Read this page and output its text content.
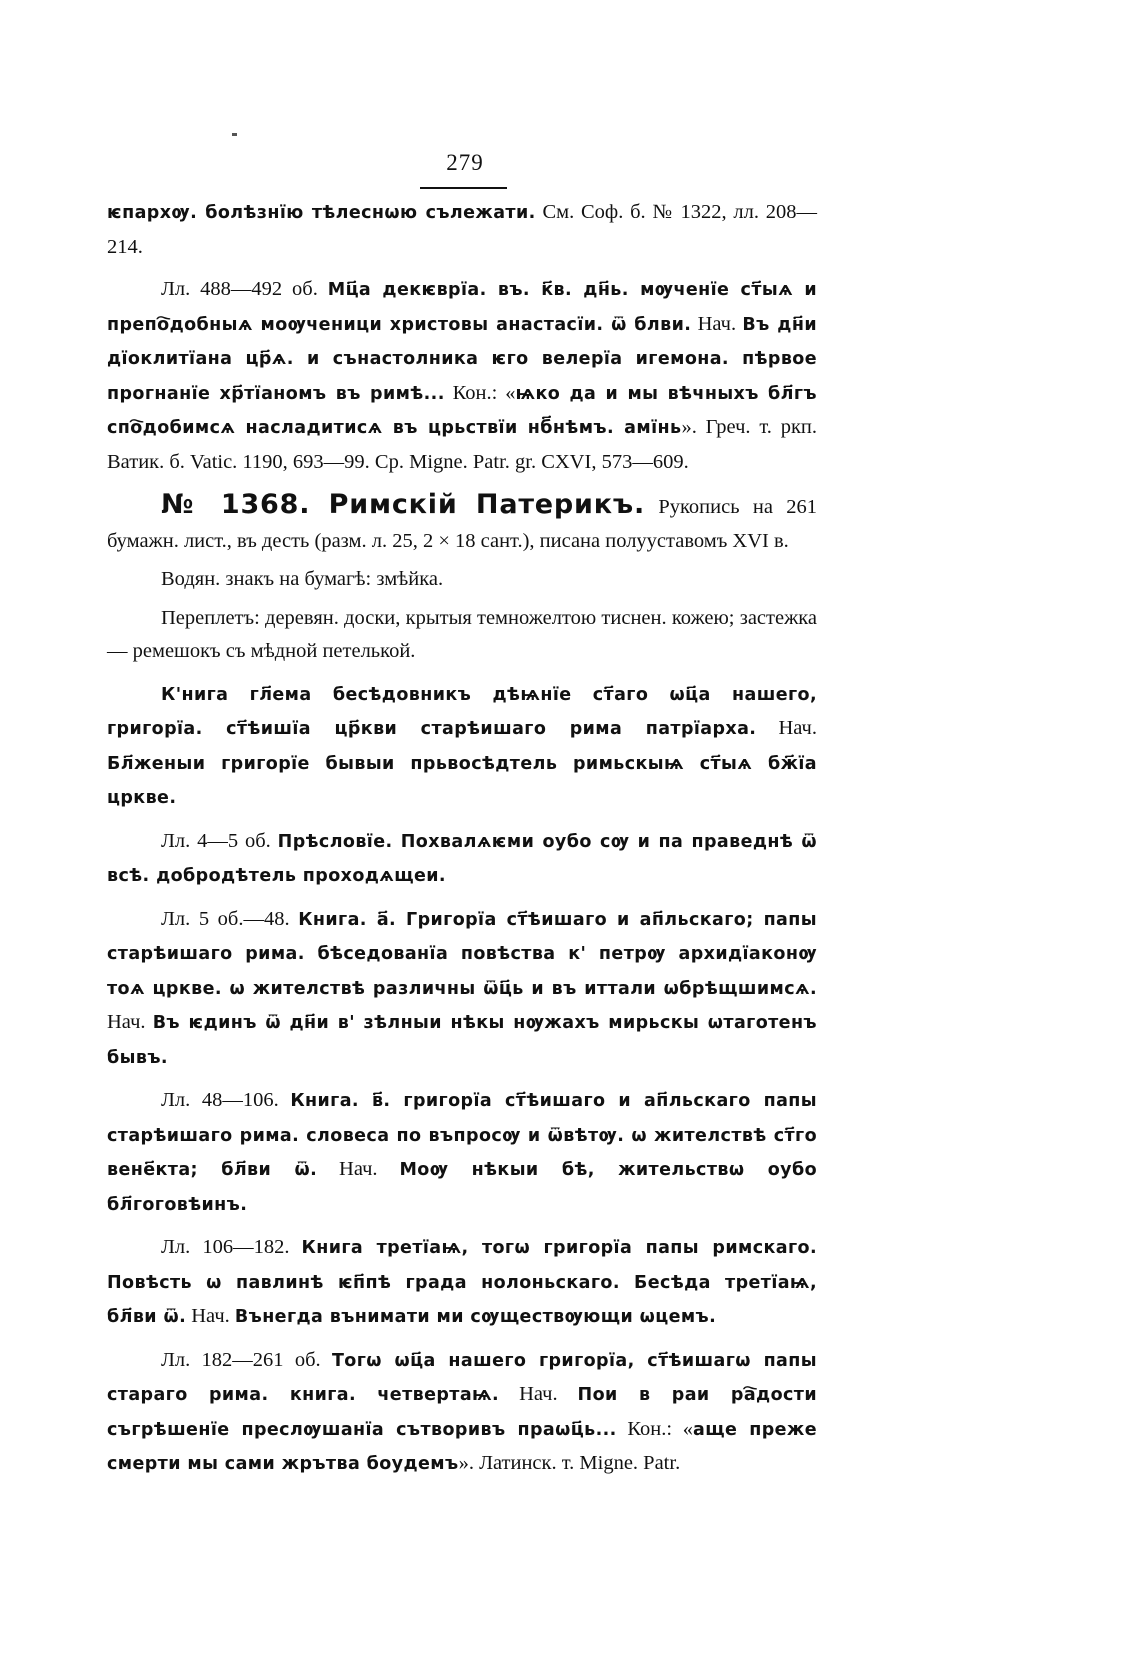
279

ѥпархѹ. болѣзнїю тѣлеснѡю сълежати. См. Соф. б. № 1322, лл. 208—214.

Лл. 488—492 об. Мц҃а декѥврїа. въ. к҃в. дн҃ь. мѹченїе ст҃ыѧ и препо҇добныѧ моѹченици христовы анастасїи. ѿ блви. Нач. Въ дн҃и дїоклитїана цр҃ѧ. и сънастолника ѥго велерїа игемона. пѣрвое прогнанїе хр҃тїаномъ въ римѣ... Кон.: «ѩко да и мы вѣчныхъ бл҃гъ спо҇добимсѧ насладитисѧ въ црьствїи нб҃нѣмъ. амїнь». Греч. т. ркп. Ватик. б. Vatic. 1190, 693—99. Ср. Migne. Patr. gr. CXVI, 573—609.

№ 1368. Римскій Патерикъ. Рукопись на 261 бумажн. лист., въ десть (разм. л. 25, 2 × 18 сант.), писана полууставомъ XVI в.

Водян. знакъ на бумагѣ: змѣйка.

Переплетъ: деревян. доски, крытыя темножелтою тиснен. кожею; застежка — ремешокъ съ мѣдной петелькой.

К'нига гл҃ема бесѣдовникъ дѣѩнїе ст҃аго ѡц҃а нашего, григорїа. ст҃ѣишїа цр҃кви старѣишаго рима патрїарха. Нач. Бл҃женыи григорїе бывыи прьвосѣдтель римьскыѩ ст҃ыѧ бж҃їа цркве.

Лл. 4—5 об. Прѣсловїе. Похвалѧѥми оубо сѹ и па праведнѣ ѿ всѣ. добродѣтель проходѧщеи.

Лл. 5 об.—48. Книга. а҃. Григорїа ст҃ѣишаго и ап҃льскаго; папы старѣишаго рима. бѣседованїа повѣства к' петрѹ архидїаконѹ тоѧ цркве. ѡ жителствѣ различны ѿц҃ь и въ иттали ѡбрѣщшимсѧ. Нач. Въ ѥдинъ ѿ дн҃и в' зѣлныи нѣкы нѹжахъ мирьскы ѡтаготенъ бывъ.

Лл. 48—106. Книга. в҃. григорїа ст҃ѣишаго и ап҃льскаго папы старѣишаго рима. словеса по въпросѹ и ѿвѣтѹ. ѡ жителствѣ ст҃го вене҃кта; бл҃ви ѿ. Нач. Моѹ нѣкыи бѣ, жительствѡ оубо бл҃гоговѣинъ.

Лл. 106—182. Книга третїаѩ, тогѡ григорїа папы римскаго. Повѣсть ѡ павлинѣ ѥп҃пѣ града нолоньскаго. Бесѣда третїаѩ, бл҃ви ѿ. Нач. Вънегда вънимати ми сѹществѹющи ѡцемъ.

Лл. 182—261 об. Тогѡ ѡц҃а нашего григорїа, ст҃ѣишагѡ папы стараго рима. книга. четвертаѩ. Нач. Пои в раи ра҇дости съгрѣшенїе преслѹшанїа сътворивъ праѡц҃ь... Кон.: «аще преже смерти мы сами жрътва боудемъ». Латинск. т. Migne. Patr.
